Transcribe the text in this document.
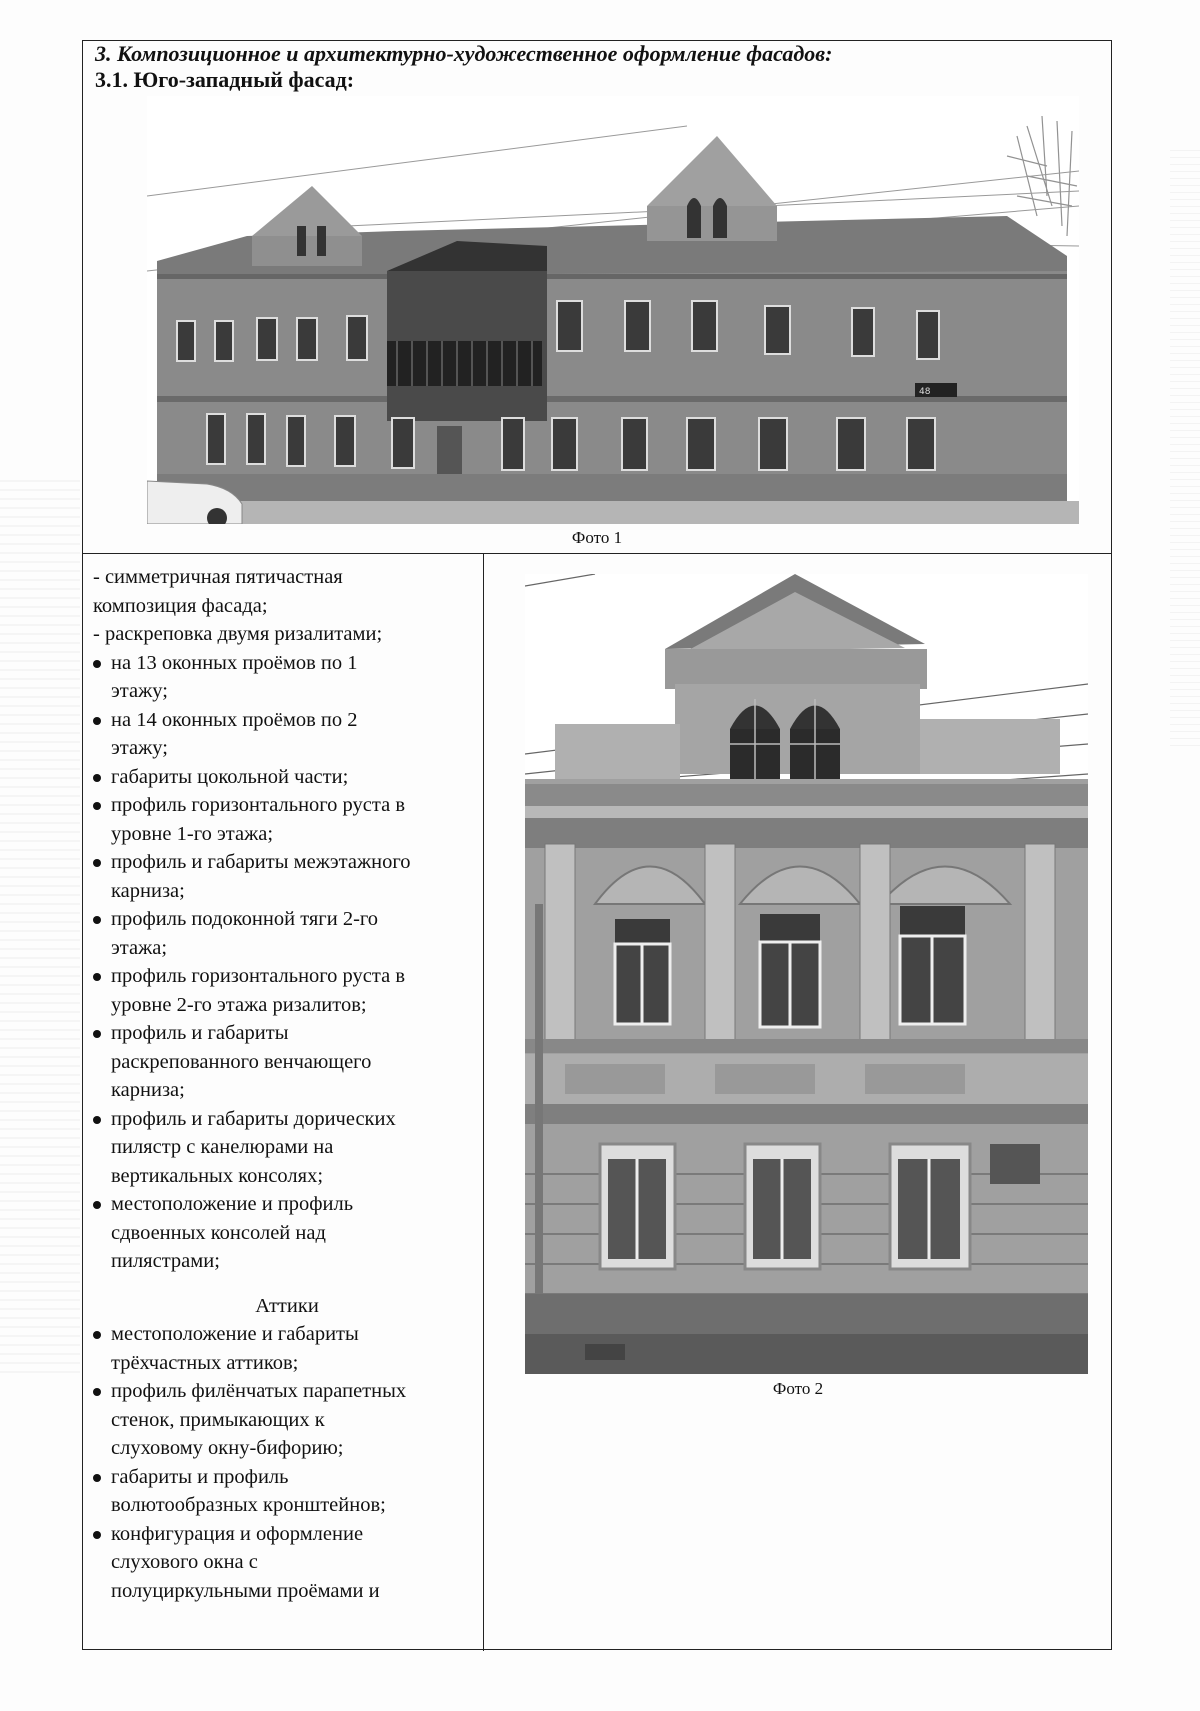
3. Композиционное и архитектурно-художественное оформление фасадов:
3.1. Юго-западный фасад:
48
Фото 1
- симметричная пятичастная
композиция фасада;
- раскреповка двумя ризалитами;
на 13 оконных проёмов по 1
этажу;
на 14 оконных проёмов по 2
этажу;
габариты цокольной части;
профиль горизонтального руста в
уровне 1-го этажа;
профиль и габариты межэтажного
карниза;
профиль подоконной тяги 2-го
этажа;
профиль горизонтального руста в
уровне 2-го этажа ризалитов;
профиль и габариты
раскрепованного венчающего
карниза;
профиль и габариты дорических
пилястр с канелюрами на
вертикальных консолях;
местоположение и профиль
сдвоенных консолей над
пилястрами;
Аттики
местоположение и габариты
трёхчастных аттиков;
профиль филёнчатых парапетных
стенок, примыкающих к
слуховому окну-бифорию;
габариты и профиль
волютообразных кронштейнов;
конфигурация и оформление
слухового окна с
полуциркульными проёмами и
Фото 2
